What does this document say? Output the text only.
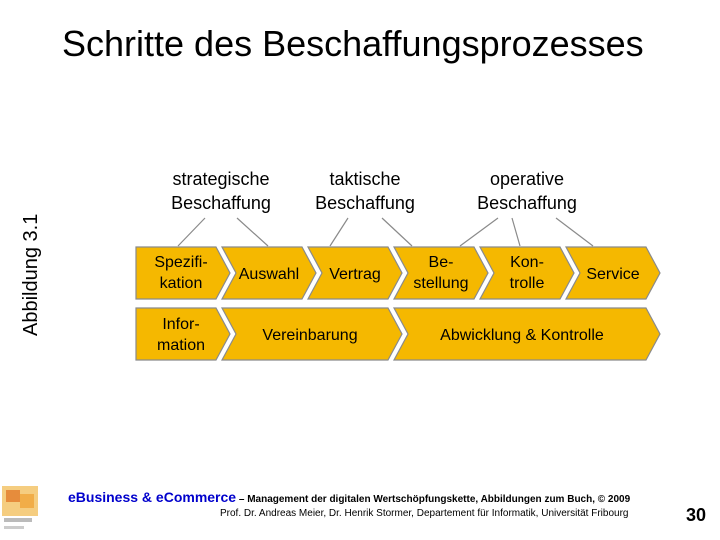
Schritte des Beschaffungsprozesses
Abbildung 3.1
strategische
Beschaffung
taktische
Beschaffung
operative
Beschaffung
Spezifi-
kation
Auswahl Vertrag
Be-
stellung
Kon-
trolle
Service
Infor-
mation
Vereinbarung	Abwicklung & Kontrolle
eBusiness & eCommerce – Management der digitalen Wertschöpfungskette, Abbildungen zum Buch, © 2009
Prof. Dr. Andreas Meier, Dr. Henrik Stormer, Departement für Informatik, Universität Fribourg	30
